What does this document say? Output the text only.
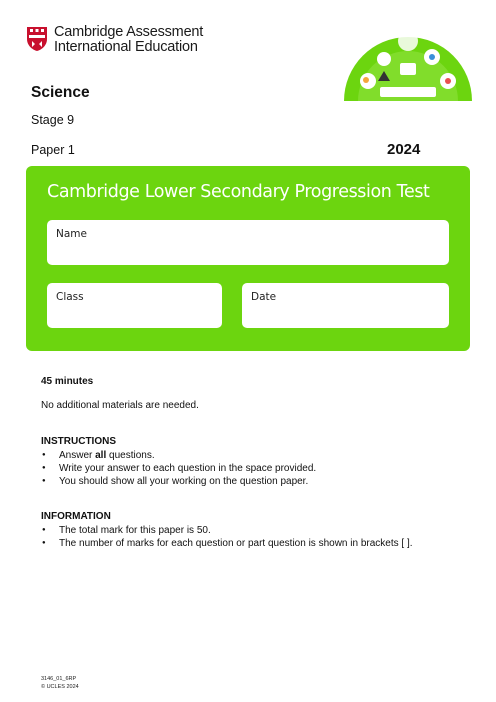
Cambridge Assessment
International Education
Science
Stage 9
Paper 1	2024
Cambridge Lower Secondary Progression Test
Name
Class	Date
45 minutes
No additional materials are needed.
INSTRUCTIONS
● Answer all questions.
● Write your answer to each question in the space provided.
● You should show all your working on the question paper.
INFORMATION
● The total mark for this paper is 50.
● The number of marks for each question or part question is shown in brackets [ ].
3146_01_6RP
© UCLES 2024
